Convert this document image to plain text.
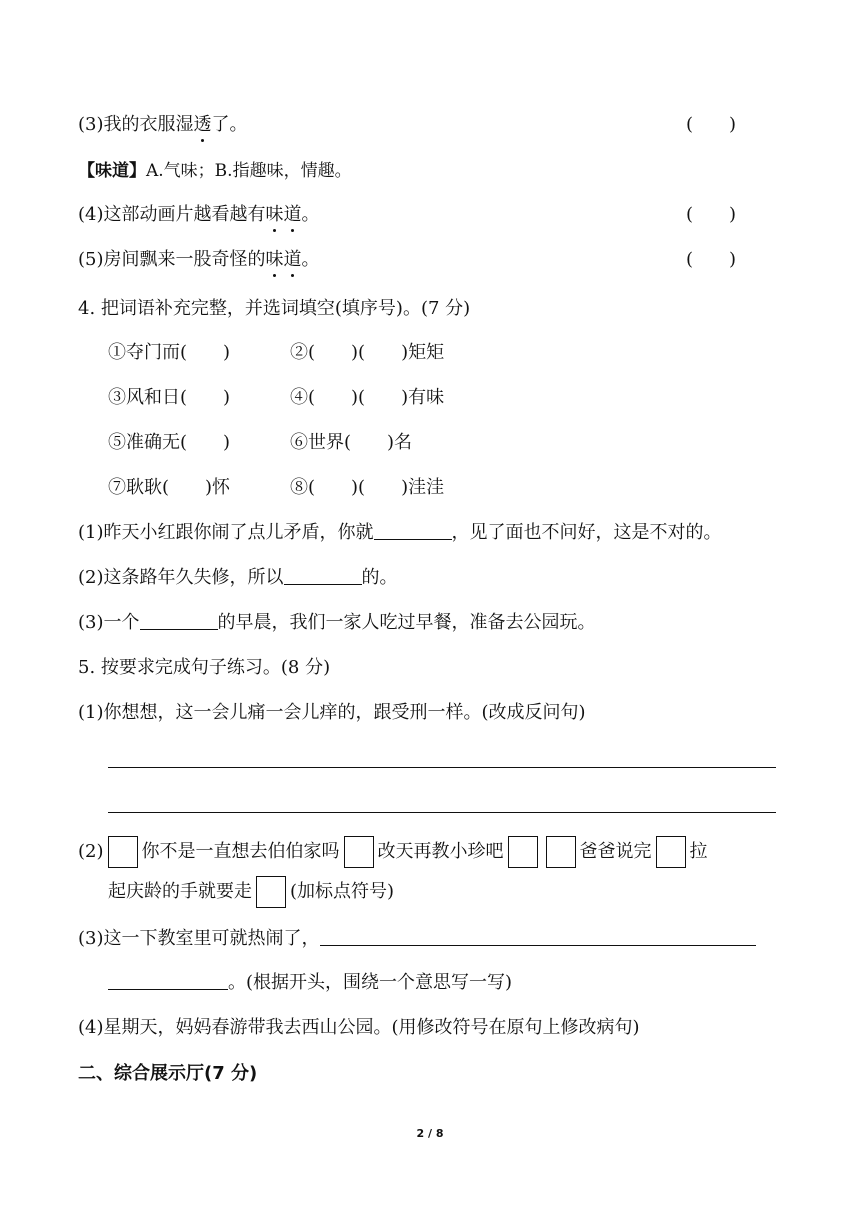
(3)我的衣服湿透了。	(　　)
【味道】A.气味；B.指趣味，情趣。
(4)这部动画片越看越有味道。	(　　)
(5)房间飘来一股奇怪的味道。	(　　)
4. 把词语补充完整，并选词填空(填序号)。(7 分)
①夺门而(　　)	②(　　)(　　)矩矩
③风和日(　　)	④(　　)(　　)有味
⑤准确无(　　)	⑥世界(　　)名
⑦耿耿(　　)怀	⑧(　　)(　　)洼洼
(1)昨天小红跟你闹了点儿矛盾，你就	，见了面也不问好，这是不对的。
(2)这条路年久失修，所以	的。
(3)一个	的早晨，我们一家人吃过早餐，准备去公园玩。
5. 按要求完成句子练习。(8 分)
(1)你想想，这一会儿痛一会儿痒的，跟受刑一样。(改成反问句)
(2) 你不是一直想去伯伯家吗 改天再教小珍吧	爸爸说完 拉
起庆龄的手就要走 (加标点符号)
(3)这一下教室里可就热闹了，
。(根据开头，围绕一个意思写一写)
(4)星期天，妈妈春游带我去西山公园。(用修改符号在原句上修改病句)
二、综合展示厅(7 分)
2 / 8
